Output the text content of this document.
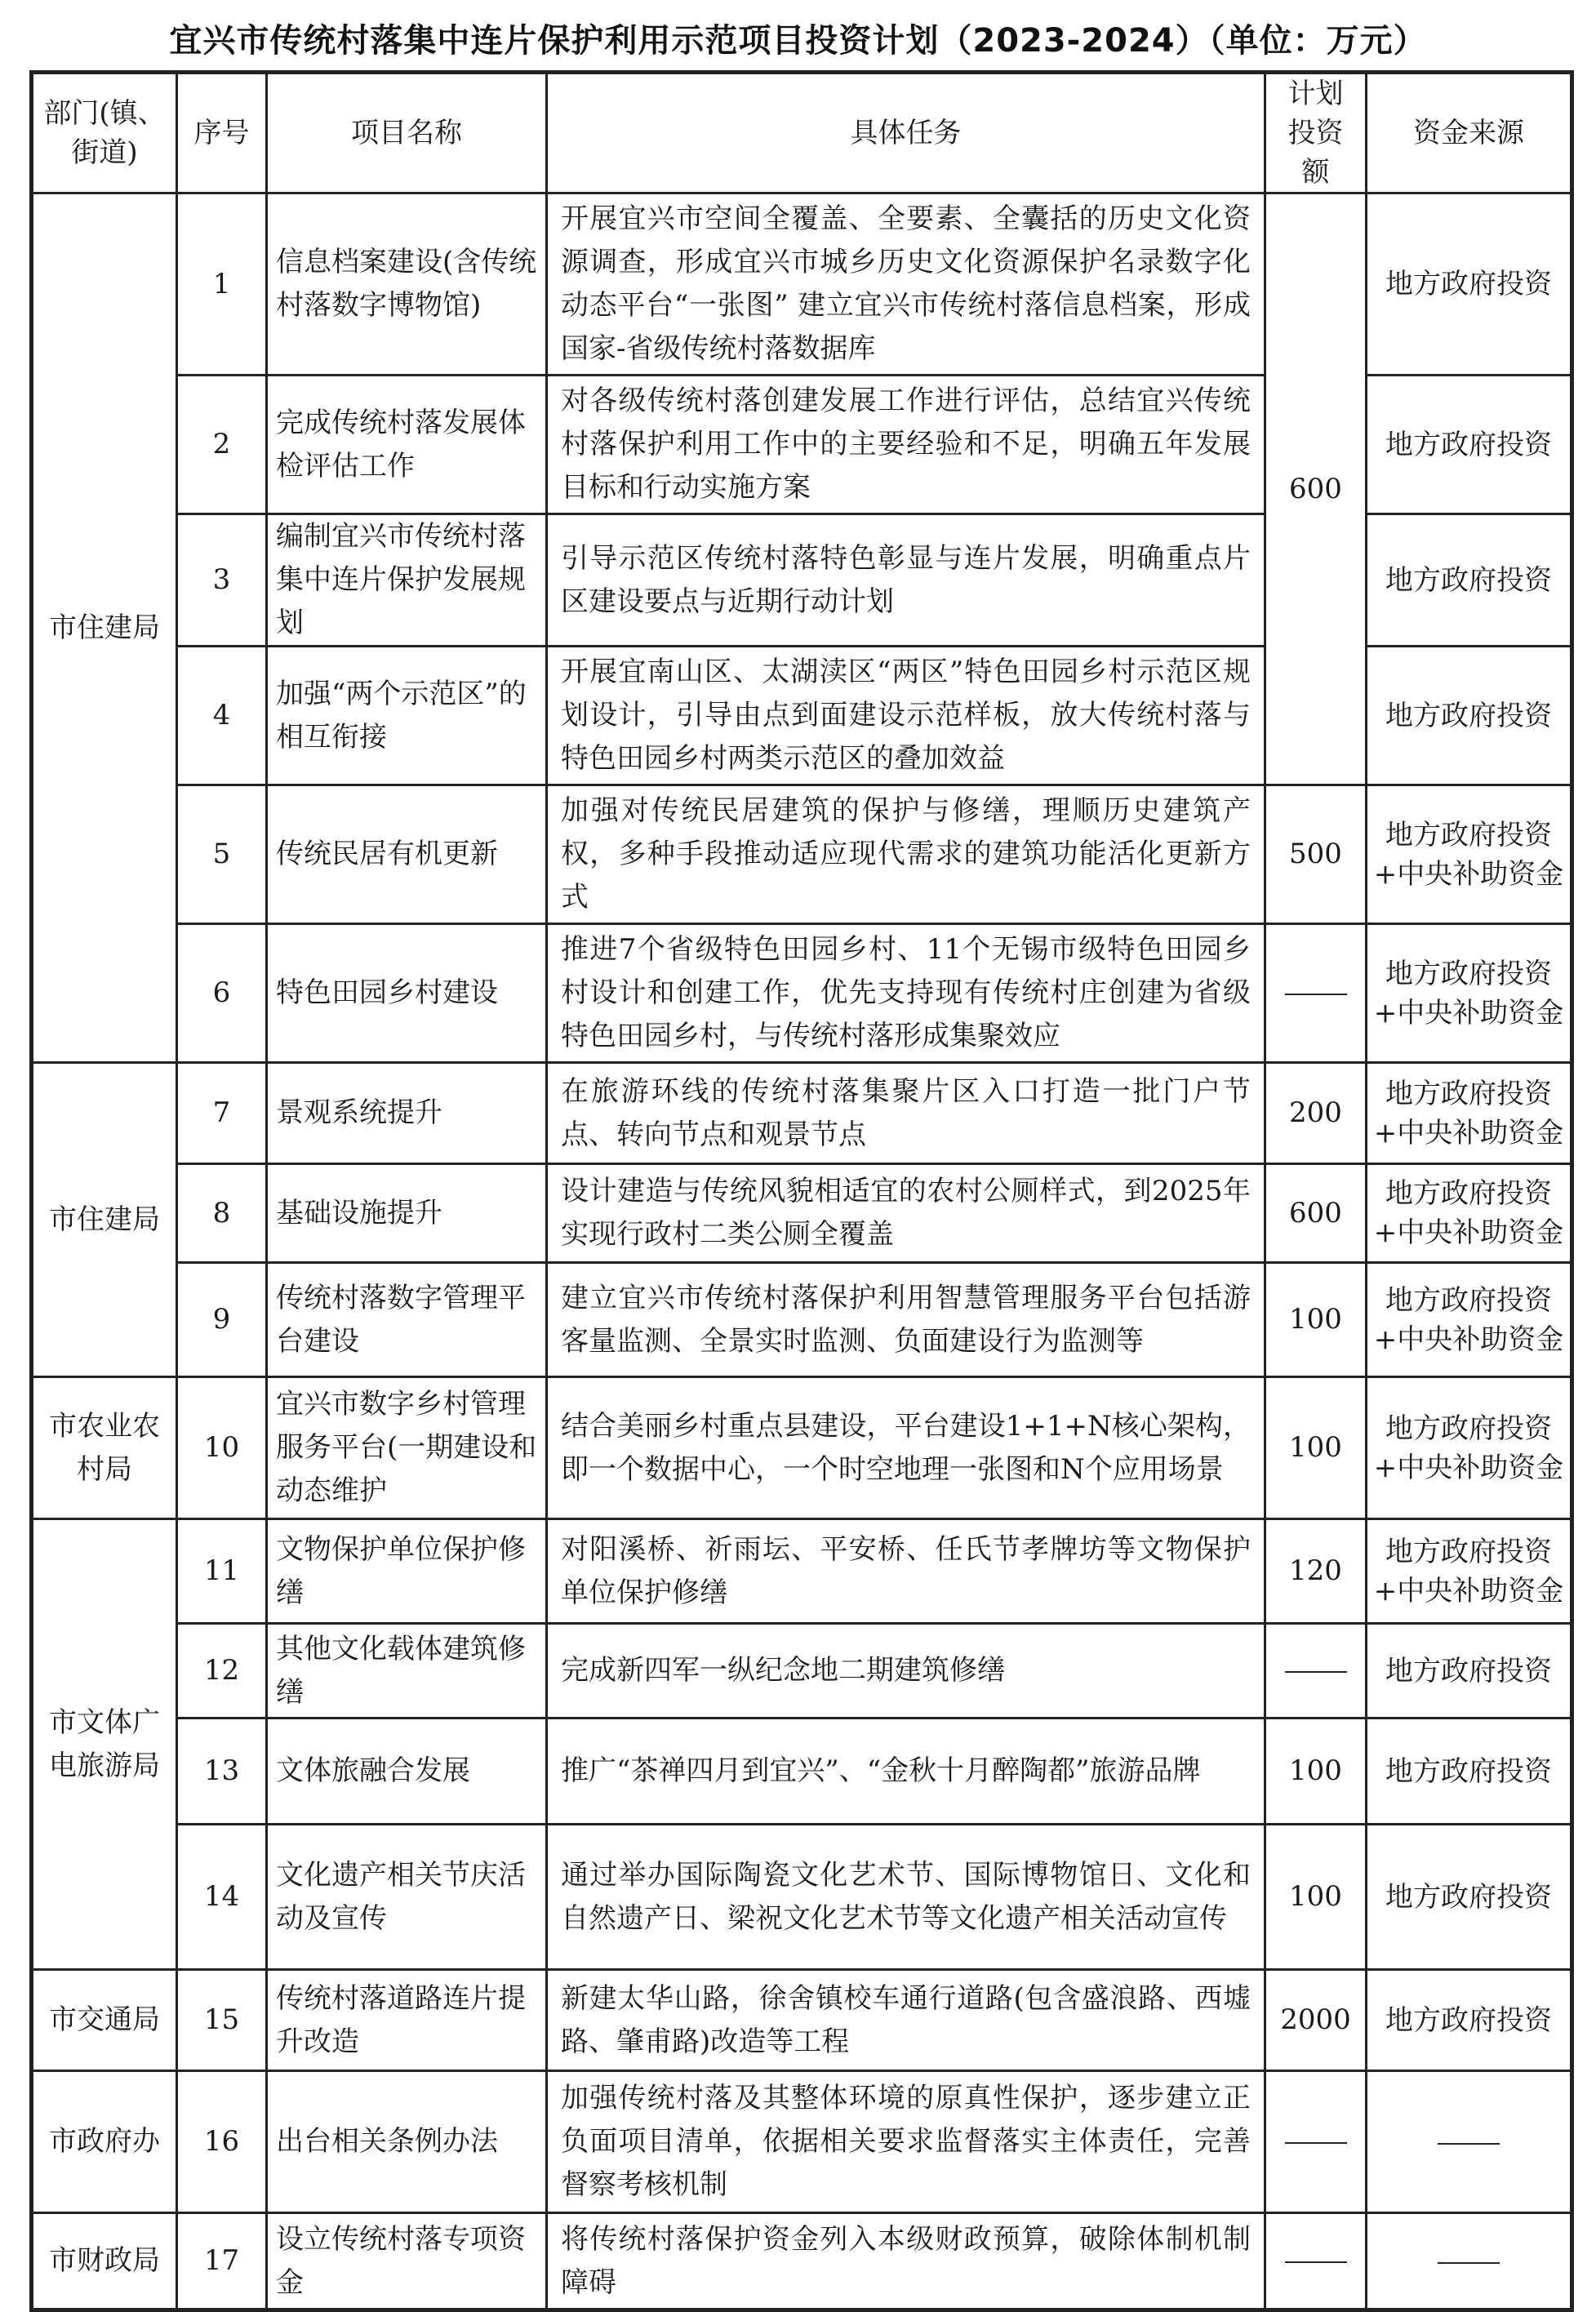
宜兴市传统村落集中连片保护利用示范项目投资计划（2023-2024）（单位：万元）
部门(镇、街道)	序号	项目名称	具体任务	计划投资额	资金来源
市住建局	1	信息档案建设(含传统村落数字博物馆)	开展宜兴市空间全覆盖、全要素、全囊括的历史文化资源调查，形成宜兴市城乡历史文化资源保护名录数字化动态平台“一张图” 建立宜兴市传统村落信息档案，形成国家-省级传统村落数据库	600	地方政府投资
	2	完成传统村落发展体检评估工作	对各级传统村落创建发展工作进行评估，总结宜兴传统村落保护利用工作中的主要经验和不足，明确五年发展目标和行动实施方案		地方政府投资
	3	编制宜兴市传统村落集中连片保护发展规划	引导示范区传统村落特色彰显与连片发展，明确重点片区建设要点与近期行动计划		地方政府投资
	4	加强“两个示范区”的相互衔接	开展宜南山区、太湖渎区“两区”特色田园乡村示范区规划设计，引导由点到面建设示范样板，放大传统村落与特色田园乡村两类示范区的叠加效益		地方政府投资
	5	传统民居有机更新	加强对传统民居建筑的保护与修缮，理顺历史建筑产权，多种手段推动适应现代需求的建筑功能活化更新方式	500	地方政府投资+中央补助资金
	6	特色田园乡村建设	推进7个省级特色田园乡村、11个无锡市级特色田园乡村设计和创建工作，优先支持现有传统村庄创建为省级特色田园乡村，与传统村落形成集聚效应		地方政府投资+中央补助资金
市住建局	7	景观系统提升	在旅游环线的传统村落集聚片区入口打造一批门户节点、转向节点和观景节点	200	地方政府投资+中央补助资金
	8	基础设施提升	设计建造与传统风貌相适宜的农村公厕样式，到2025年实现行政村二类公厕全覆盖	600	地方政府投资+中央补助资金
	9	传统村落数字管理平台建设	建立宜兴市传统村落保护利用智慧管理服务平台包括游客量监测、全景实时监测、负面建设行为监测等	100	地方政府投资+中央补助资金
市农业农村局	10	宜兴市数字乡村管理服务平台(一期建设和动态维护	结合美丽乡村重点县建设，平台建设1+1+N核心架构，即一个数据中心，一个时空地理一张图和N个应用场景	100	地方政府投资+中央补助资金
市文体广电旅游局	11	文物保护单位保护修缮	对阳溪桥、祈雨坛、平安桥、任氏节孝牌坊等文物保护单位保护修缮	120	地方政府投资+中央补助资金
	12	其他文化载体建筑修缮	完成新四军一纵纪念地二期建筑修缮		地方政府投资
	13	文体旅融合发展	推广“茶禅四月到宜兴”、“金秋十月醉陶都”旅游品牌	100	地方政府投资
	14	文化遗产相关节庆活动及宣传	通过举办国际陶瓷文化艺术节、国际博物馆日、文化和自然遗产日、梁祝文化艺术节等文化遗产相关活动宣传	100	地方政府投资
市交通局	15	传统村落道路连片提升改造	新建太华山路，徐舍镇校车通行道路(包含盛浪路、西墟路、肇甫路)改造等工程	2000	地方政府投资
市政府办	16	出台相关条例办法	加强传统村落及其整体环境的原真性保护，逐步建立正负面项目清单，依据相关要求监督落实主体责任，完善督察考核机制		
市财政局	17	设立传统村落专项资金	将传统村落保护资金列入本级财政预算，破除体制机制障碍		
